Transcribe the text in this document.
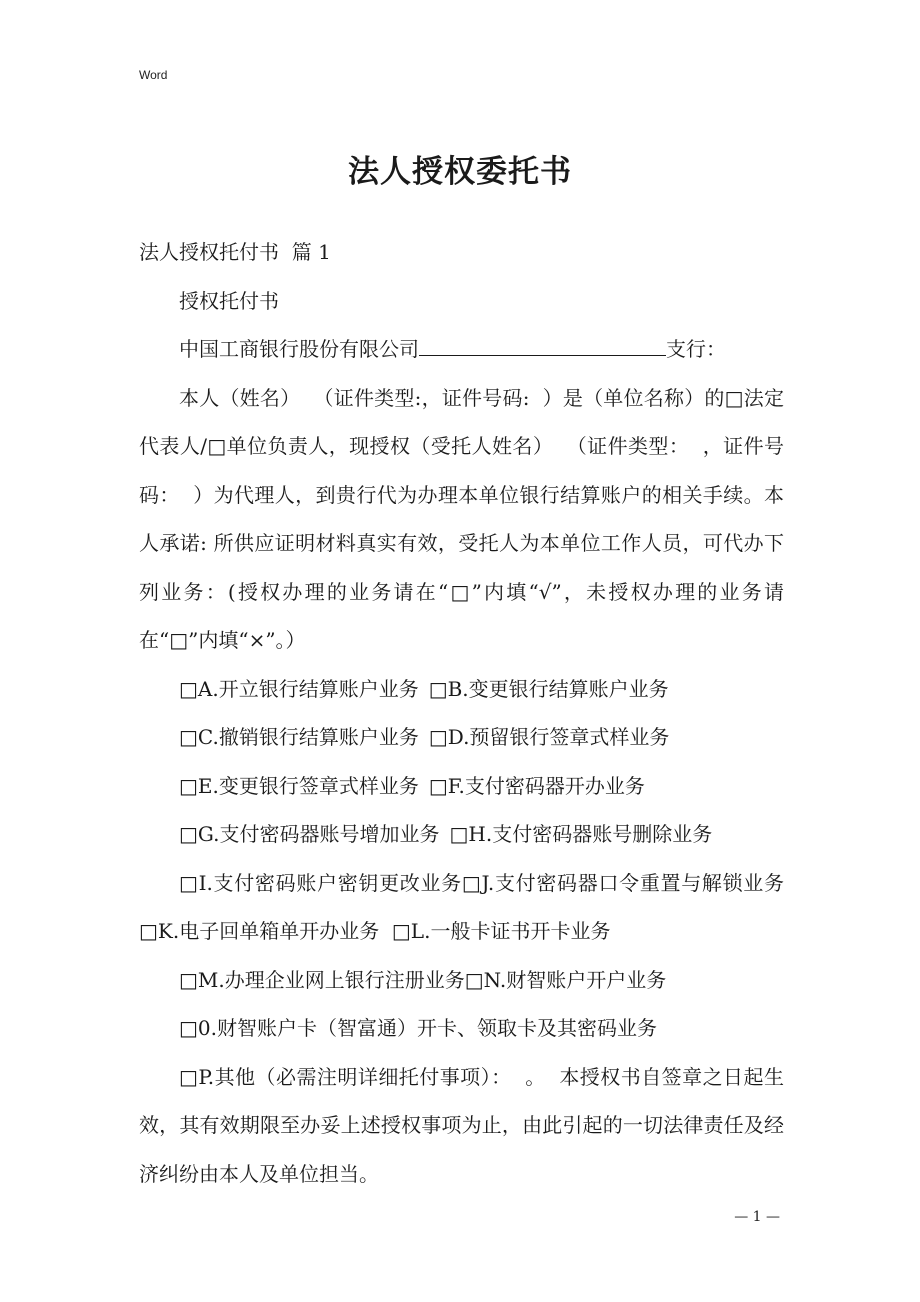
Word
法人授权委托书

法人授权托付书  篇 1

授权托付书

中国工商银行股份有限公司	支行：

本人（姓名）  （证件类型:，证件号码:  ）是（单位名称）的□法定代表人/□单位负责人，现授权（受托人姓名）  （证件类型：  ，证件号码：  ）为代理人，到贵行代为办理本单位银行结算账户的相关手续。本人承诺: 所供应证明材料真实有效，受托人为本单位工作人员，可代办下列业务：(授权办理的业务请在“□”内填“√”，未授权办理的业务请在“□”内填“×”。）

□A.开立银行结算账户业务 □B.变更银行结算账户业务

□C.撤销银行结算账户业务 □D.预留银行签章式样业务

□E.变更银行签章式样业务 □F.支付密码器开办业务

□G.支付密码器账号增加业务 □H.支付密码器账号删除业务

□I.支付密码账户密钥更改业务□J.支付密码器口令重置与解锁业务□K.电子回单箱单开办业务  □L.一般卡证书开卡业务

□M.办理企业网上银行注册业务□N.财智账户开户业务

□0.财智账户卡（智富通）开卡、领取卡及其密码业务

□P.其他（必需注明详细托付事项）：  。  本授权书自签章之日起生效，其有效期限至办妥上述授权事项为止，由此引起的一切法律责任及经济纠纷由本人及单位担当。

— 1 —
